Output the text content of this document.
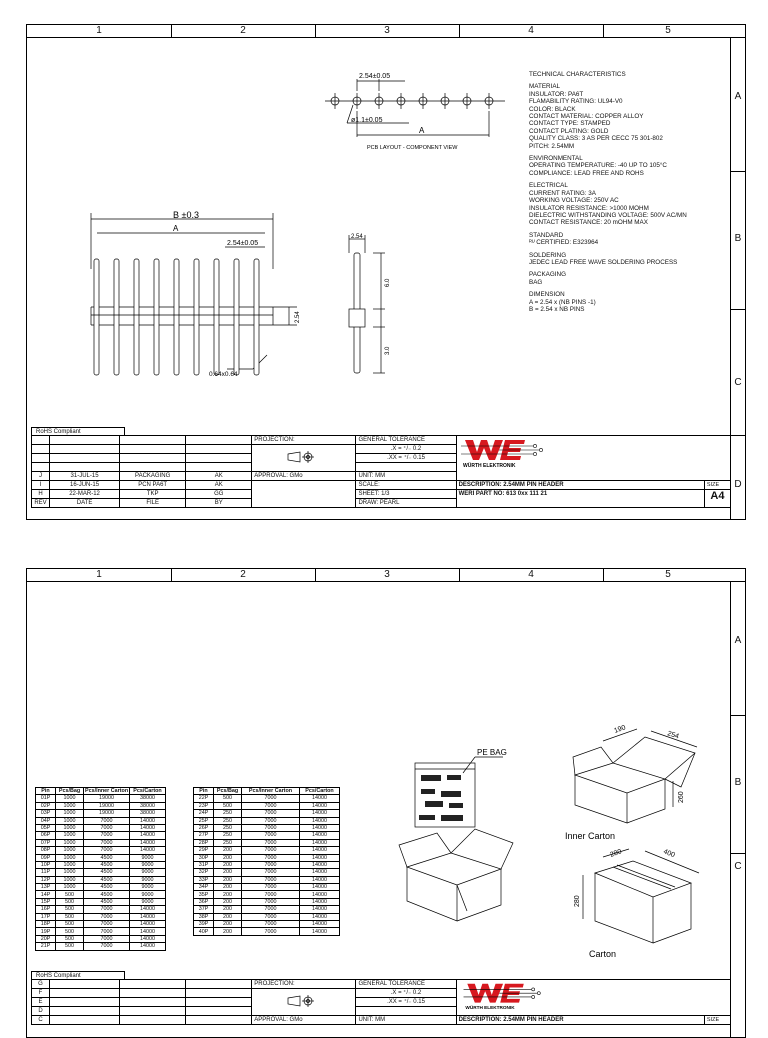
1	2	3	4	5
A
B
C
D
2.54±0.05
ø1.1±0.05
A
PCB LAYOUT - COMPONENT VIEW
B ±0.3
A
2.54±0.05
2.54
0.64x0.64
2.54
6.0
3.0
TECHNICAL CHARACTERISTICS
MATERIAL
INSULATOR: PA6T
FLAMABILITY RATING: UL94-V0
COLOR: BLACK
CONTACT MATERIAL: COPPER ALLOY
CONTACT TYPE: STAMPED
CONTACT PLATING: GOLD
QUALITY CLASS: 3 AS PER CECC 75 301-802
PITCH: 2.54MM
ENVIRONMENTAL
OPERATING TEMPERATURE: -40 UP TO 105°C
COMPLIANCE: LEAD FREE AND ROHS
ELECTRICAL
CURRENT RATING: 3A
WORKING VOLTAGE: 250V AC
INSULATOR RESISTANCE: >1000 MOHM
DIELECTRIC WITHSTANDING VOLTAGE: 500V AC/MN
CONTACT RESISTANCE: 20 mOHM MAX
STANDARD
ᴿᵁ CERTIFIED: E323964
SOLDERING
JEDEC LEAD FREE WAVE SOLDERING PROCESS
PACKAGING
BAG
DIMENSION
A = 2.54 x (NB PINS -1)
B = 2.54 x NB PINS
RoHS Compliant
				PROJECTION:	GENERAL TOLERANCE	WÜRTH ELEKTRONIK	

					.X = ⁺/₋ 0.2		
					.XX = ⁺/₋ 0.15		

J	31-JUL-15	PACKAGING	AK	APPROVAL: GMo	UNIT: MM		
I	16-JUN-15	PCN PA6T	AK		SCALE:	DESCRIPTION: 2.54MM PIN HEADER	SIZE
H	22-MAR-12	TKP	GG		SHEET: 1/3	WERI PART NO: 613 0xx 111 21	A4
REV	DATE	FILE	BY		DRAW: PEARL		
1	2	3	4	5
A
B
C
Pin	Pcs/Bag	Pcs/Inner Carton	Pcs/Carton
01P	1000	19000	38000
02P	1000	19000	38000
03P	1000	19000	38000
04P	1000	7000	14000
05P	1000	7000	14000
06P	1000	7000	14000
07P	1000	7000	14000
08P	1000	7000	14000
09P	1000	4500	9000
10P	1000	4500	9000
11P	1000	4500	9000
12P	1000	4500	9000
13P	1000	4500	9000
14P	500	4500	9000
15P	500	4500	9000
16P	500	7000	14000
17P	500	7000	14000
18P	500	7000	14000
19P	500	7000	14000
20P	500	7000	14000
21P	500	7000	14000
Pin	Pcs/Bag	Pcs/Inner Carton	Pcs/Carton
22P	500	7000	14000
23P	500	7000	14000
24P	250	7000	14000
25P	250	7000	14000
26P	250	7000	14000
27P	250	7000	14000
28P	250	7000	14000
29P	200	7000	14000
30P	200	7000	14000
31P	200	7000	14000
32P	200	7000	14000
33P	200	7000	14000
34P	200	7000	14000
35P	200	7000	14000
36P	200	7000	14000
37P	200	7000	14000
38P	200	7000	14000
39P	200	7000	14000
40P	200	7000	14000
PE BAG
190
254
260
Inner Carton
280	400
280
Carton
RoHS Compliant
G				PROJECTION:	GENERAL TOLERANCE	WÜRTH ELEKTRONIK	

F					.X = ⁺/₋ 0.2		
E					.XX = ⁺/₋ 0.15		
D							
C				APPROVAL: GMo	UNIT: MM	DESCRIPTION: 2.54MM PIN HEADER	SIZE
